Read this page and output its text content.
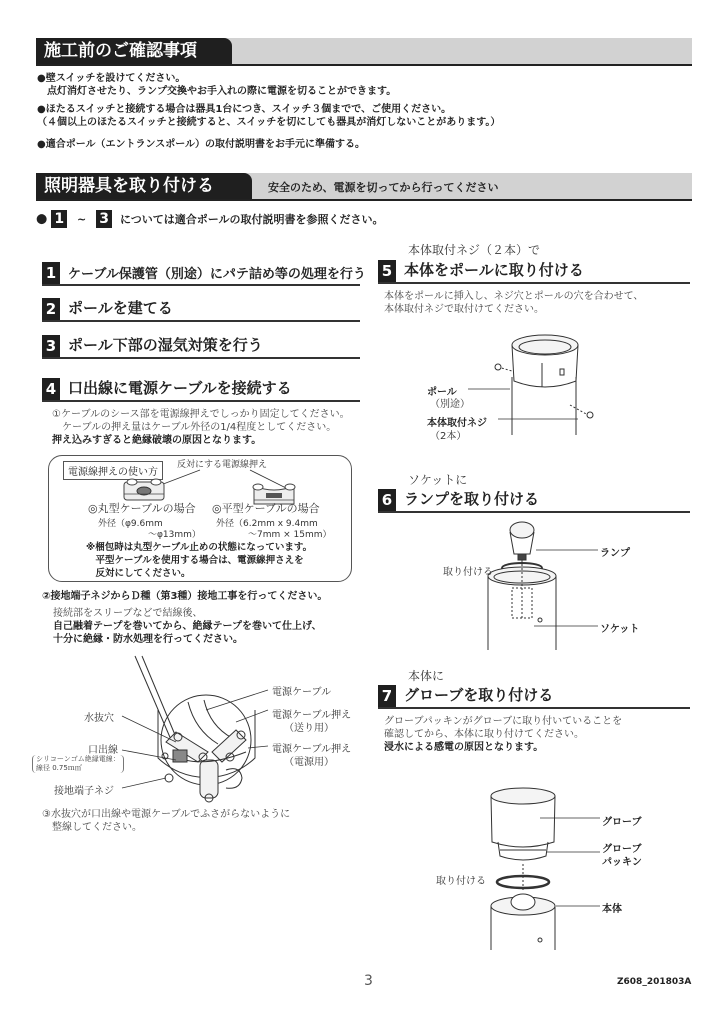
施工前のご確認事項
●壁スイッチを設けてください。
　点灯消灯させたり、ランプ交換やお手入れの際に電源を切ることができます。
●ほたるスイッチと接続する場合は器具1台につき、スイッチ３個までで、ご使用ください。
（４個以上のほたるスイッチと接続すると、スイッチを切にしても器具が消灯しないことがあります。）
●適合ポール（エントランスポール）の取付説明書をお手元に準備する。
照明器具を取り付ける	安全のため、電源を切ってから行ってください
● 1 ~ 3 については適合ポールの取付説明書を参照ください。
1 ケーブル保護管（別途）にパテ詰め等の処理を行う
2 ポールを建てる
3 ポール下部の湿気対策を行う
4 口出線に電源ケーブルを接続する
①ケーブルのシース部を電源線押えでしっかり固定してください。
　ケーブルの押え量はケーブル外径の1/4程度としてください。
押え込みすぎると絶縁破壊の原因となります。
電源線押えの使い方
反対にする電源線押え
◎丸型ケーブルの場合
外径（φ9.6mm
～φ13mm）
◎平型ケーブルの場合
外径（6.2mm x 9.4mm
～7mm × 15mm）
※梱包時は丸型ケーブル止めの状態になっています。
　平型ケーブルを使用する場合は、電源線押さえを
　反対にしてください。
②接地端子ネジからＤ種（第3種）接地工事を行ってください。
接続部をスリーブなどで結線後、
自己融着テープを巻いてから、絶縁テープを巻いて仕上げ、
十分に絶縁・防水処理を行ってください。
電源ケーブル
水抜穴	電源ケーブル押え
（送り用）
口出線
シリコーンゴム絶縁電線：
線径 0.75ｍ㎡
電源ケーブル押え
（電源用）
接地端子ネジ
③水抜穴が口出線や電源ケーブルでふさがらないように
　整線してください。
本体取付ネジ（２本）で
5 本体をポールに取り付ける
本体をポールに挿入し、ネジ穴とポールの穴を合わせて、
本体取付ネジで取付けてください。
ポール
（別途）
本体取付ネジ
（2本）
ソケットに
6 ランプを取り付ける
ランプ
取り付ける
ソケット
本体に
7 グローブを取り付ける
グローブパッキンがグローブに取り付いていることを
確認してから、本体に取り付けてください。
浸水による感電の原因となります。
グローブ
グローブ
パッキン
取り付ける
本体
3	Z608_201803A
